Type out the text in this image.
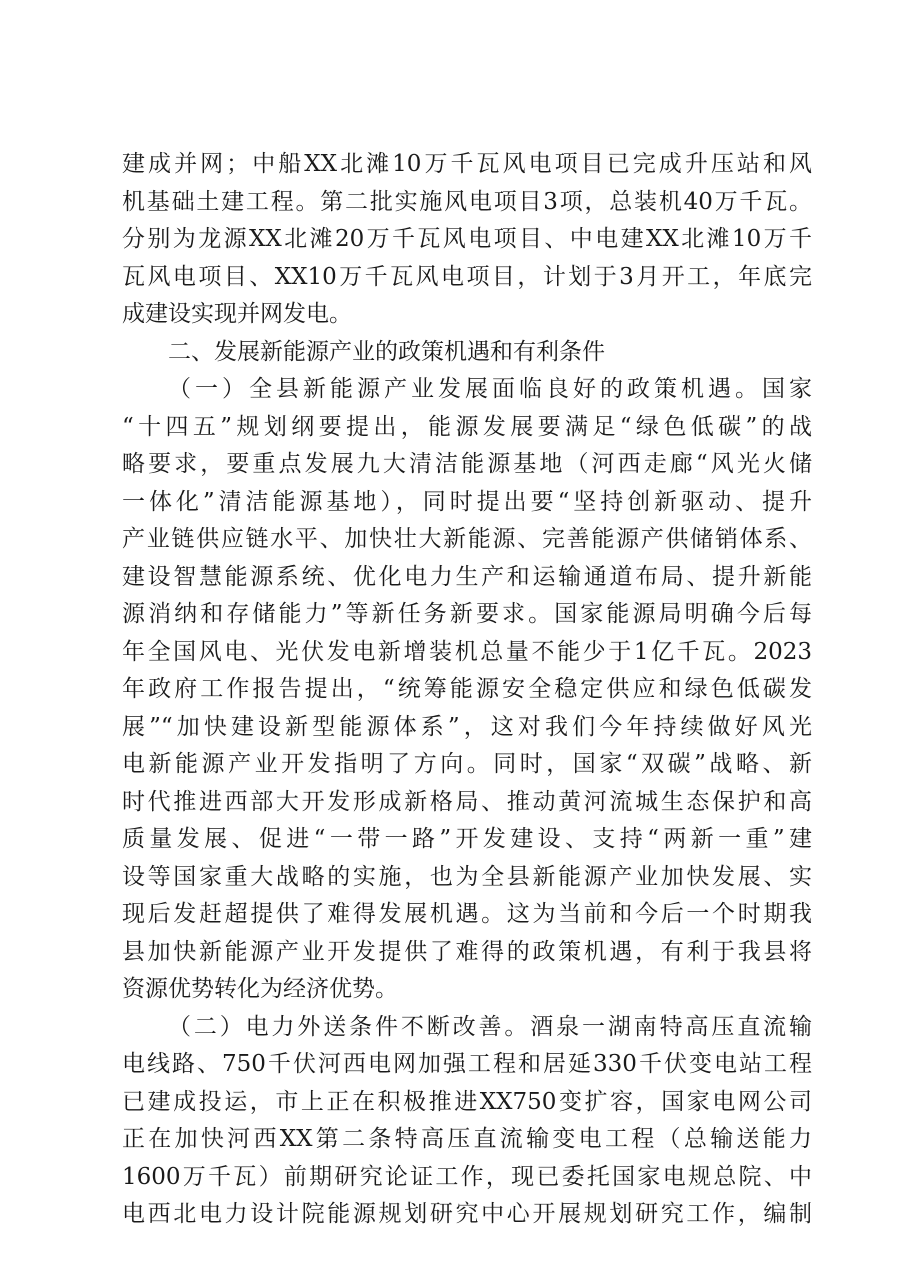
建成并网；中船XX北滩10万千瓦风电项目已完成升压站和风
机基础土建工程。第二批实施风电项目3项，总装机40万千瓦。
分别为龙源XX北滩20万千瓦风电项目、中电建XX北滩10万千
瓦风电项目、XX10万千瓦风电项目，计划于3月开工，年底完
成建设实现并网发电。
二、发展新能源产业的政策机遇和有利条件
（一）全县新能源产业发展面临良好的政策机遇。国家
“十四五”规划纲要提出，能源发展要满足“绿色低碳”的战
略要求，要重点发展九大清洁能源基地（河西走廊“风光火储
一体化”清洁能源基地），同时提出要“坚持创新驱动、提升
产业链供应链水平、加快壮大新能源、完善能源产供储销体系、
建设智慧能源系统、优化电力生产和运输通道布局、提升新能
源消纳和存储能力”等新任务新要求。国家能源局明确今后每
年全国风电、光伏发电新增装机总量不能少于1亿千瓦。2023
年政府工作报告提出，“统筹能源安全稳定供应和绿色低碳发
展”“加快建设新型能源体系”，这对我们今年持续做好风光
电新能源产业开发指明了方向。同时，国家“双碳”战略、新
时代推进西部大开发形成新格局、推动黄河流城生态保护和高
质量发展、促进“一带一路”开发建设、支持“两新一重”建
设等国家重大战略的实施，也为全县新能源产业加快发展、实
现后发赶超提供了难得发展机遇。这为当前和今后一个时期我
县加快新能源产业开发提供了难得的政策机遇，有利于我县将
资源优势转化为经济优势。
（二）电力外送条件不断改善。酒泉一湖南特高压直流输
电线路、750千伏河西电网加强工程和居延330千伏变电站工程
已建成投运，市上正在积极推进XX750变扩容，国家电网公司
正在加快河西XX第二条特高压直流输变电工程（总输送能力
1600万千瓦）前期研究论证工作，现已委托国家电规总院、中
电西北电力设计院能源规划研究中心开展规划研究工作，编制
